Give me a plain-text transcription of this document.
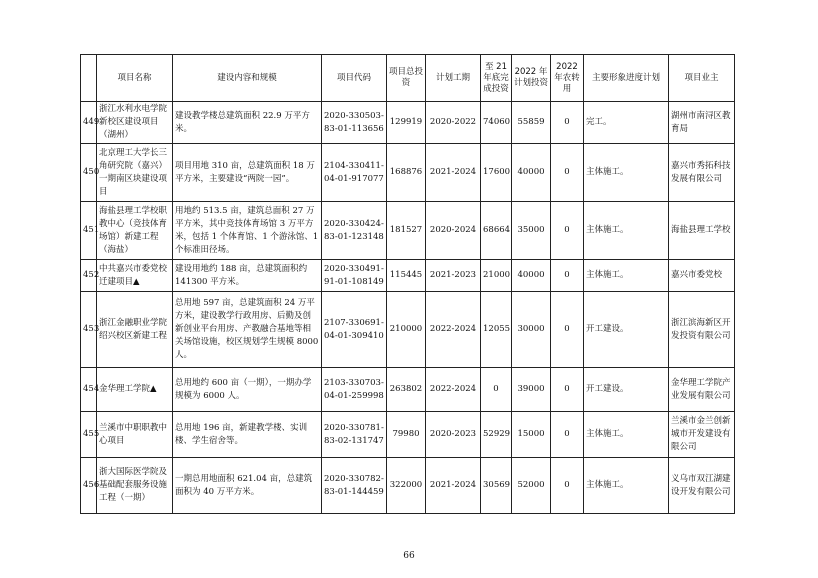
	项目名称	建设内容和规模	项目代码	项目总投资	计划工期	至 21年底完成投资	2022 年计划投资	2022 年农转用	主要形象进度计划	项目业主
449	浙江水利水电学院新校区建设项目（湖州）	建设教学楼总建筑面积 22.9 万平方米。	2020-330503-83-01-113656	129919	2020-2022	74060	55859	0	完工。	湖州市南浔区教育局
450	北京理工大学长三角研究院（嘉兴）一期南区块建设项目	项目用地 310 亩，总建筑面积 18 万平方米，主要建设“两院一园”。	2104-330411-04-01-917077	168876	2021-2024	17600	40000	0	主体施工。	嘉兴市秀拓科技发展有限公司
451	海盐县理工学校职教中心（竞技体育场馆）新建工程（海盐）	用地约 513.5 亩，建筑总面积 27 万平方米，其中竞技体育场馆 3 万平方米，包括 1 个体育馆、1 个游泳馆、1 个标准田径场。	2020-330424-83-01-123148	181527	2020-2024	68664	35000	0	主体施工。	海盐县理工学校
452	中共嘉兴市委党校迁建项目▲	建设用地约 188 亩，总建筑面积约 141300 平方米。	2020-330491-91-01-108149	115445	2021-2023	21000	40000	0	主体施工。	嘉兴市委党校
453	浙江金融职业学院绍兴校区新建工程	总用地 597 亩，总建筑面积 24 万平方米，建设教学行政用房、后勤及创新创业平台用房、产教融合基地等相关场馆设施，校区规划学生规模 8000 人。	2107-330691-04-01-309410	210000	2022-2024	12055	30000	0	开工建设。	浙江滨海新区开发投资有限公司
454	金华理工学院▲	总用地约 600 亩（一期），一期办学规模为 6000 人。	2103-330703-04-01-259998	263802	2022-2024	0	39000	0	开工建设。	金华理工学院产业发展有限公司
455	兰溪市中职职教中心项目	总用地 196 亩，新建教学楼、实训楼、学生宿舍等。	2020-330781-83-02-131747	79980	2020-2023	52929	15000	0	主体施工。	兰溪市金兰创新城市开发建设有限公司
456	浙大国际医学院及基础配套服务设施工程（一期）	一期总用地面积 621.04 亩，总建筑面积为 40 万平方米。	2020-330782-83-01-144459	322000	2021-2024	30569	52000	0	主体施工。	义乌市双江湖建设开发有限公司
66
